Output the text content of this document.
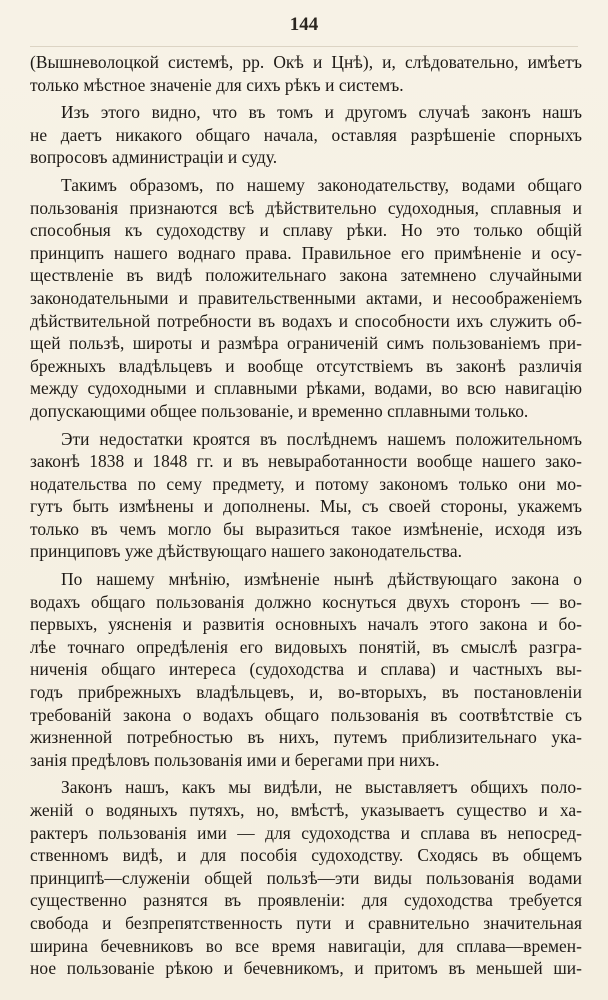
144
(Вышневолоцкой системѣ, рр. Окѣ и Цнѣ), и, слѣдовательно, имѣетъ
только мѣстное значеніе для сихъ рѣкъ и системъ.
Изъ этого видно, что въ томъ и другомъ случаѣ законъ нашъ
не даетъ никакого общаго начала, оставляя разрѣшеніе спорныхъ
вопросовъ администраціи и суду.
Такимъ образомъ, по нашему законодательству, водами общаго
пользованія признаются всѣ дѣйствительно судоходныя, сплавныя и
способныя къ судоходству и сплаву рѣки. Но это только общій
принципъ нашего воднаго права. Правильное его примѣненіе и осу-
ществленіе въ видѣ положительнаго закона затемнено случайными
законодательными и правительственными актами, и несоображеніемъ
дѣйствительной потребности въ водахъ и способности ихъ служить об-
щей пользѣ, широты и размѣра ограниченій симъ пользованіемъ при-
брежныхъ владѣльцевъ и вообще отсутствіемъ въ законѣ различія
между судоходными и сплавными рѣками, водами, во всю навигацію
допускающими общее пользованіе, и временно сплавными только.
Эти недостатки кроятся въ послѣднемъ нашемъ положительномъ
законѣ 1838 и 1848 гг. и въ невыработанности вообще нашего зако-
нодательства по сему предмету, и потому закономъ только они мо-
гутъ быть измѣнены и дополнены. Мы, съ своей стороны, укажемъ
только въ чемъ могло бы выразиться такое измѣненіе, исходя изъ
принциповъ уже дѣйствующаго нашего законодательства.
По нашему мнѣнію, измѣненіе нынѣ дѣйствующаго закона о
водахъ общаго пользованія должно коснуться двухъ сторонъ — во-
первыхъ, уясненія и развитія основныхъ началъ этого закона и бо-
лѣе точнаго опредѣленія его видовыхъ понятій, въ смыслѣ разгра-
ниченія общаго интереса (судоходства и сплава) и частныхъ вы-
годъ прибрежныхъ владѣльцевъ, и, во-вторыхъ, въ постановленіи
требованій закона о водахъ общаго пользованія въ соотвѣтствіе съ
жизненной потребностью въ нихъ, путемъ приблизительнаго ука-
занія предѣловъ пользованія ими и берегами при нихъ.
Законъ нашъ, какъ мы видѣли, не выставляетъ общихъ поло-
женій о водяныхъ путяхъ, но, вмѣстѣ, указываетъ существо и ха-
рактеръ пользованія ими — для судоходства и сплава въ непосред-
ственномъ видѣ, и для пособія судоходству. Сходясь въ общемъ
принципѣ—служеніи общей пользѣ—эти виды пользованія водами
существенно разнятся въ проявленіи: для судоходства требуется
свобода и безпрепятственность пути и сравнительно значительная
ширина бечевниковъ во все время навигаціи, для сплава—времен-
ное пользованіе рѣкою и бечевникомъ, и притомъ въ меньшей ши-
